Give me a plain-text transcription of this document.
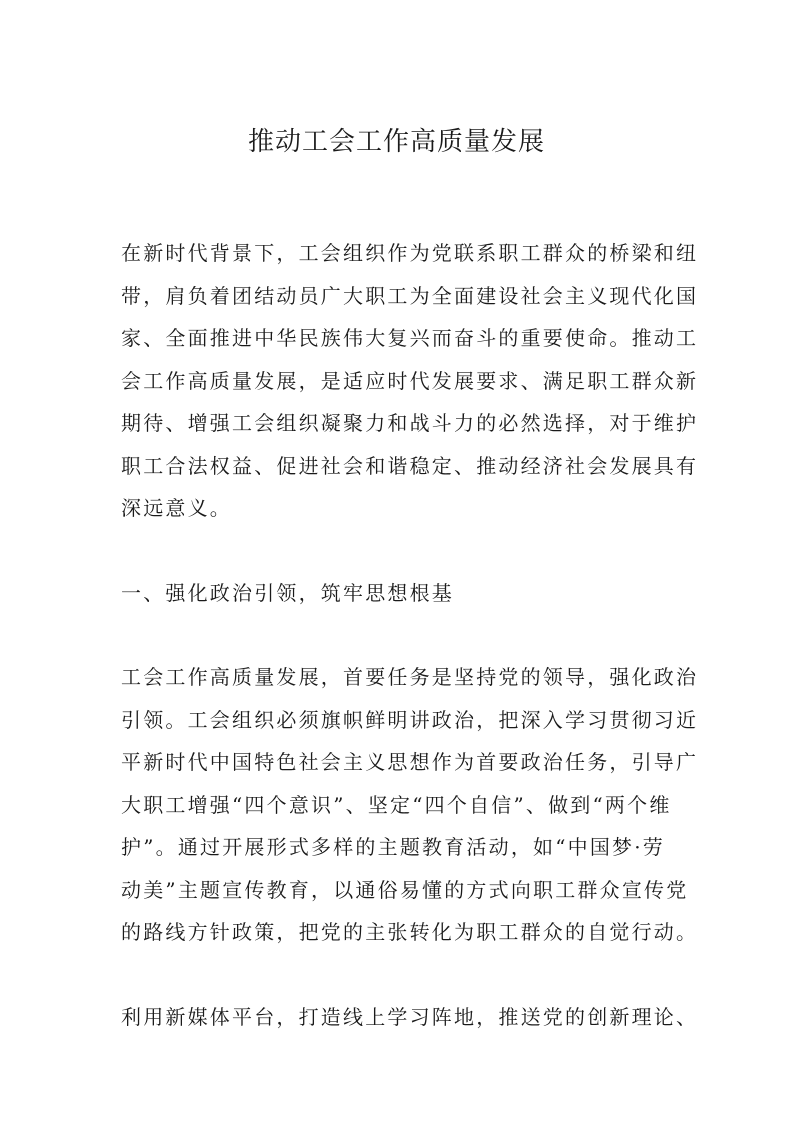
推动工会工作高质量发展
在新时代背景下，工会组织作为党联系职工群众的桥梁和纽
带，肩负着团结动员广大职工为全面建设社会主义现代化国
家、全面推进中华民族伟大复兴而奋斗的重要使命。推动工
会工作高质量发展，是适应时代发展要求、满足职工群众新
期待、增强工会组织凝聚力和战斗力的必然选择，对于维护
职工合法权益、促进社会和谐稳定、推动经济社会发展具有
深远意义。
一、强化政治引领，筑牢思想根基
工会工作高质量发展，首要任务是坚持党的领导，强化政治
引领。工会组织必须旗帜鲜明讲政治，把深入学习贯彻习近
平新时代中国特色社会主义思想作为首要政治任务，引导广
大职工增强“四个意识”、坚定“四个自信”、做到“两个维
护”。通过开展形式多样的主题教育活动，如“中国梦·劳
动美”主题宣传教育，以通俗易懂的方式向职工群众宣传党
的路线方针政策，把党的主张转化为职工群众的自觉行动。
利用新媒体平台，打造线上学习阵地，推送党的创新理论、
